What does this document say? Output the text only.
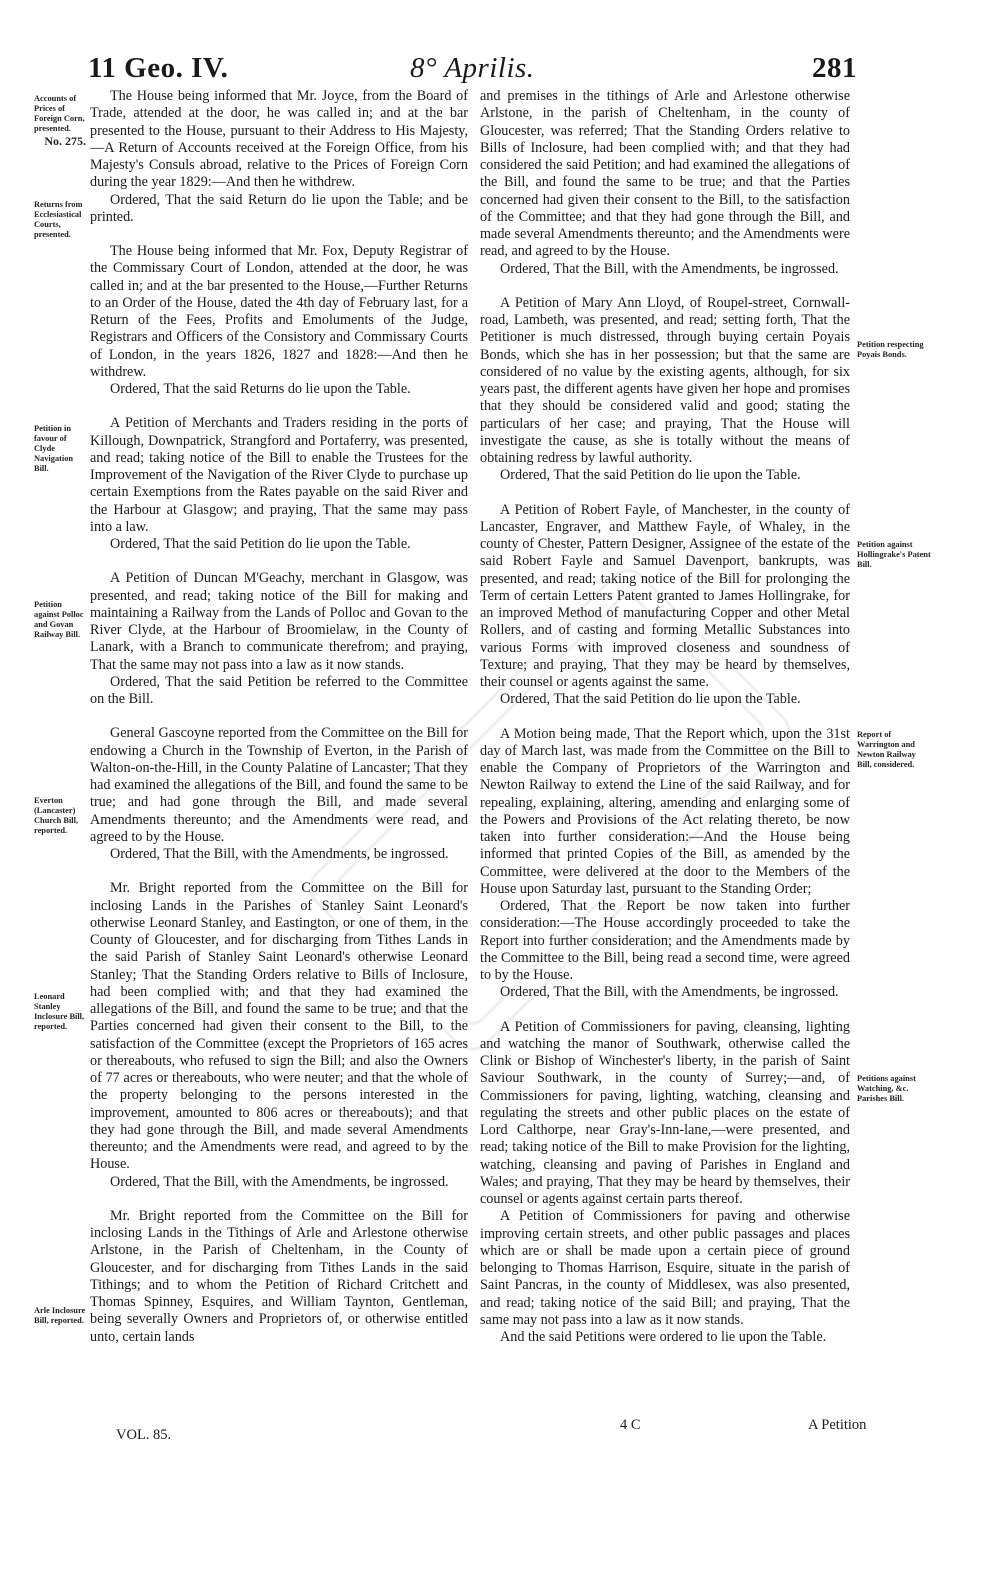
11 Geo. IV.	8° Aprilis.	281
Accounts of Prices of Foreign Corn, presented.
No. 275.
Returns from Ecclesiastical Courts, presented.
Petition in favour of Clyde Navigation Bill.
Petition against Polloc and Govan Railway Bill.
Everton (Lancaster) Church Bill, reported.
Leonard Stanley Inclosure Bill, reported.
Arle Inclosure Bill, reported.
Petition respecting Poyais Bonds.
Petition against Hollingrake's Patent Bill.
Report of Warrington and Newton Railway Bill, considered.
Petitions against Watching, &c. Parishes Bill.

The House being informed that Mr. Joyce, from the Board of Trade, attended at the door, he was called in; and at the bar presented to the House, pursuant to their Address to His Majesty,—A Return of Accounts received at the Foreign Office, from his Majesty's Consuls abroad, relative to the Prices of Foreign Corn during the year 1829:—And then he withdrew.

Ordered, That the said Return do lie upon the Table; and be printed.

The House being informed that Mr. Fox, Deputy Registrar of the Commissary Court of London, attended at the door, he was called in; and at the bar presented to the House,—Further Returns to an Order of the House, dated the 4th day of February last, for a Return of the Fees, Profits and Emoluments of the Judge, Registrars and Officers of the Consistory and Commissary Courts of London, in the years 1826, 1827 and 1828:—And then he withdrew.

Ordered, That the said Returns do lie upon the Table.

A Petition of Merchants and Traders residing in the ports of Killough, Downpatrick, Strangford and Portaferry, was presented, and read; taking notice of the Bill to enable the Trustees for the Improvement of the Navigation of the River Clyde to purchase up certain Exemptions from the Rates payable on the said River and the Harbour at Glasgow; and praying, That the same may pass into a law.

Ordered, That the said Petition do lie upon the Table.

A Petition of Duncan M'Geachy, merchant in Glasgow, was presented, and read; taking notice of the Bill for making and maintaining a Railway from the Lands of Polloc and Govan to the River Clyde, at the Harbour of Broomielaw, in the County of Lanark, with a Branch to communicate therefrom; and praying, That the same may not pass into a law as it now stands.

Ordered, That the said Petition be referred to the Committee on the Bill.

General Gascoyne reported from the Committee on the Bill for endowing a Church in the Township of Everton, in the Parish of Walton-on-the-Hill, in the County Palatine of Lancaster; That they had examined the allegations of the Bill, and found the same to be true; and had gone through the Bill, and made several Amendments thereunto; and the Amendments were read, and agreed to by the House.

Ordered, That the Bill, with the Amendments, be ingrossed.

Mr. Bright reported from the Committee on the Bill for inclosing Lands in the Parishes of Stanley Saint Leonard's otherwise Leonard Stanley, and Eastington, or one of them, in the County of Gloucester, and for discharging from Tithes Lands in the said Parish of Stanley Saint Leonard's otherwise Leonard Stanley; That the Standing Orders relative to Bills of Inclosure, had been complied with; and that they had examined the allegations of the Bill, and found the same to be true; and that the Parties concerned had given their consent to the Bill, to the satisfaction of the Committee (except the Proprietors of 165 acres or thereabouts, who refused to sign the Bill; and also the Owners of 77 acres or thereabouts, who were neuter; and that the whole of the property belonging to the persons interested in the improvement, amounted to 806 acres or thereabouts); and that they had gone through the Bill, and made several Amendments thereunto; and the Amendments were read, and agreed to by the House.

Ordered, That the Bill, with the Amendments, be ingrossed.

Mr. Bright reported from the Committee on the Bill for inclosing Lands in the Tithings of Arle and Arlestone otherwise Arlstone, in the Parish of Cheltenham, in the County of Gloucester, and for discharging from Tithes Lands in the said Tithings; and to whom the Petition of Richard Critchett and Thomas Spinney, Esquires, and William Taynton, Gentleman, being severally Owners and Proprietors of, or otherwise entitled unto, certain lands

and premises in the tithings of Arle and Arlestone otherwise Arlstone, in the parish of Cheltenham, in the county of Gloucester, was referred; That the Standing Orders relative to Bills of Inclosure, had been complied with; and that they had considered the said Petition; and had examined the allegations of the Bill, and found the same to be true; and that the Parties concerned had given their consent to the Bill, to the satisfaction of the Committee; and that they had gone through the Bill, and made several Amendments thereunto; and the Amendments were read, and agreed to by the House.

Ordered, That the Bill, with the Amendments, be ingrossed.

A Petition of Mary Ann Lloyd, of Roupel-street, Cornwall-road, Lambeth, was presented, and read; setting forth, That the Petitioner is much distressed, through buying certain Poyais Bonds, which she has in her possession; but that the same are considered of no value by the existing agents, although, for six years past, the different agents have given her hope and promises that they should be considered valid and good; stating the particulars of her case; and praying, That the House will investigate the cause, as she is totally without the means of obtaining redress by lawful authority.

Ordered, That the said Petition do lie upon the Table.

A Petition of Robert Fayle, of Manchester, in the county of Lancaster, Engraver, and Matthew Fayle, of Whaley, in the county of Chester, Pattern Designer, Assignee of the estate of the said Robert Fayle and Samuel Davenport, bankrupts, was presented, and read; taking notice of the Bill for prolonging the Term of certain Letters Patent granted to James Hollingrake, for an improved Method of manufacturing Copper and other Metal Rollers, and of casting and forming Metallic Substances into various Forms with improved closeness and soundness of Texture; and praying, That they may be heard by themselves, their counsel or agents against the same.

Ordered, That the said Petition do lie upon the Table.

A Motion being made, That the Report which, upon the 31st day of March last, was made from the Committee on the Bill to enable the Company of Proprietors of the Warrington and Newton Railway to extend the Line of the said Railway, and for repealing, explaining, altering, amending and enlarging some of the Powers and Provisions of the Act relating thereto, be now taken into further consideration:—And the House being informed that printed Copies of the Bill, as amended by the Committee, were delivered at the door to the Members of the House upon Saturday last, pursuant to the Standing Order;

Ordered, That the Report be now taken into further consideration:—The House accordingly proceeded to take the Report into further consideration; and the Amendments made by the Committee to the Bill, being read a second time, were agreed to by the House.

Ordered, That the Bill, with the Amendments, be ingrossed.

A Petition of Commissioners for paving, cleansing, lighting and watching the manor of Southwark, otherwise called the Clink or Bishop of Winchester's liberty, in the parish of Saint Saviour Southwark, in the county of Surrey;—and, of Commissioners for paving, lighting, watching, cleansing and regulating the streets and other public places on the estate of Lord Calthorpe, near Gray's-Inn-lane,—were presented, and read; taking notice of the Bill to make Provision for the lighting, watching, cleansing and paving of Parishes in England and Wales; and praying, That they may be heard by themselves, their counsel or agents against certain parts thereof.

A Petition of Commissioners for paving and otherwise improving certain streets, and other public passages and places which are or shall be made upon a certain piece of ground belonging to Thomas Harrison, Esquire, situate in the parish of Saint Pancras, in the county of Middlesex, was also presented, and read; taking notice of the said Bill; and praying, That the same may not pass into a law as it now stands.

And the said Petitions were ordered to lie upon the Table.

VOL. 85.
4 C	A Petition
